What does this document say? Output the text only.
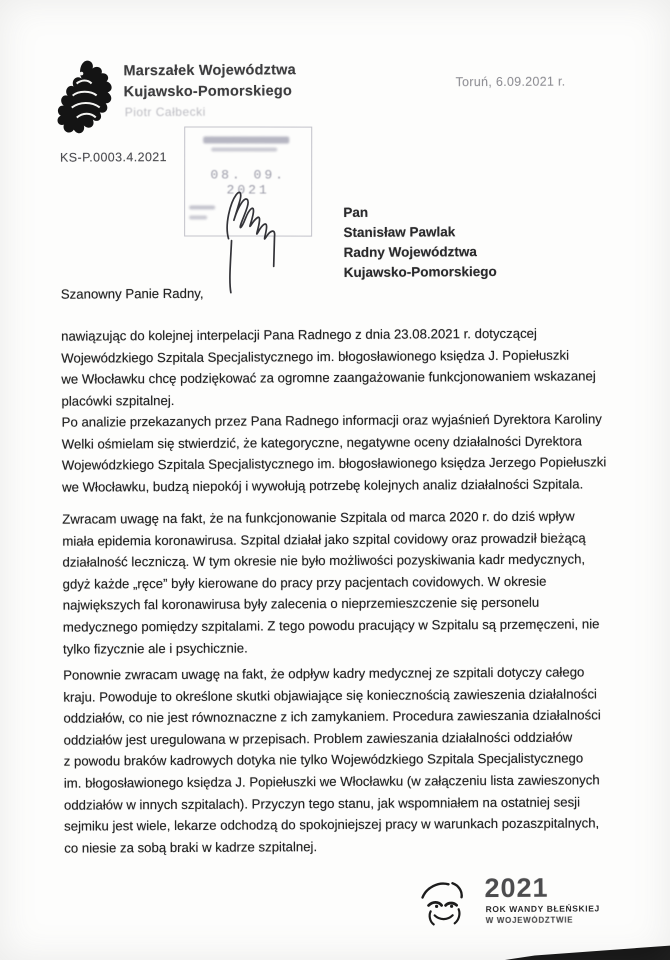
Marszałek Województwa
Kujawsko-Pomorskiego
Piotr Całbecki
Toruń, 6.09.2021 r.
KS-P.0003.4.2021
08. 09. 2021
Pan
Stanisław Pawlak
Radny Województwa
Kujawsko-Pomorskiego
Szanowny Panie Radny,
nawiązując do kolejnej interpelacji Pana Radnego z dnia 23.08.2021 r. dotyczącej
Wojewódzkiego Szpitala Specjalistycznego im. błogosławionego księdza J. Popiełuszki
we Włocławku chcę podziękować za ogromne zaangażowanie funkcjonowaniem wskazanej
placówki szpitalnej.
Po analizie przekazanych przez Pana Radnego informacji oraz wyjaśnień Dyrektora Karoliny
Welki ośmielam się stwierdzić, że kategoryczne, negatywne oceny działalności Dyrektora
Wojewódzkiego Szpitala Specjalistycznego im. błogosławionego księdza Jerzego Popiełuszki
we Włocławku, budzą niepokój i wywołują potrzebę kolejnych analiz działalności Szpitala.
Zwracam uwagę na fakt, że na funkcjonowanie Szpitala od marca 2020 r. do dziś wpływ
miała epidemia koronawirusa. Szpital działał jako szpital covidowy oraz prowadził bieżącą
działalność leczniczą. W tym okresie nie było możliwości pozyskiwania kadr medycznych,
gdyż każde „ręce” były kierowane do pracy przy pacjentach covidowych. W okresie
największych fal koronawirusa były zalecenia o nieprzemieszczenie się personelu
medycznego pomiędzy szpitalami. Z tego powodu pracujący w Szpitalu są przemęczeni, nie
tylko fizycznie ale i psychicznie.
Ponownie zwracam uwagę na fakt, że odpływ kadry medycznej ze szpitali dotyczy całego
kraju. Powoduje to określone skutki objawiające się koniecznością zawieszenia działalności
oddziałów, co nie jest równoznaczne z ich zamykaniem. Procedura zawieszania działalności
oddziałów jest uregulowana w przepisach. Problem zawieszania działalności oddziałów
z powodu braków kadrowych dotyka nie tylko Wojewódzkiego Szpitala Specjalistycznego
im. błogosławionego księdza J. Popiełuszki we Włocławku (w załączeniu lista zawieszonych
oddziałów w innych szpitalach). Przyczyn tego stanu, jak wspomniałem na ostatniej sesji
sejmiku jest wiele, lekarze odchodzą do spokojniejszej pracy w warunkach pozaszpitalnych,
co niesie za sobą braki w kadrze szpitalnej.
2021
ROK WANDY BŁEŃSKIEJ
W WOJEWÓDZTWIE
